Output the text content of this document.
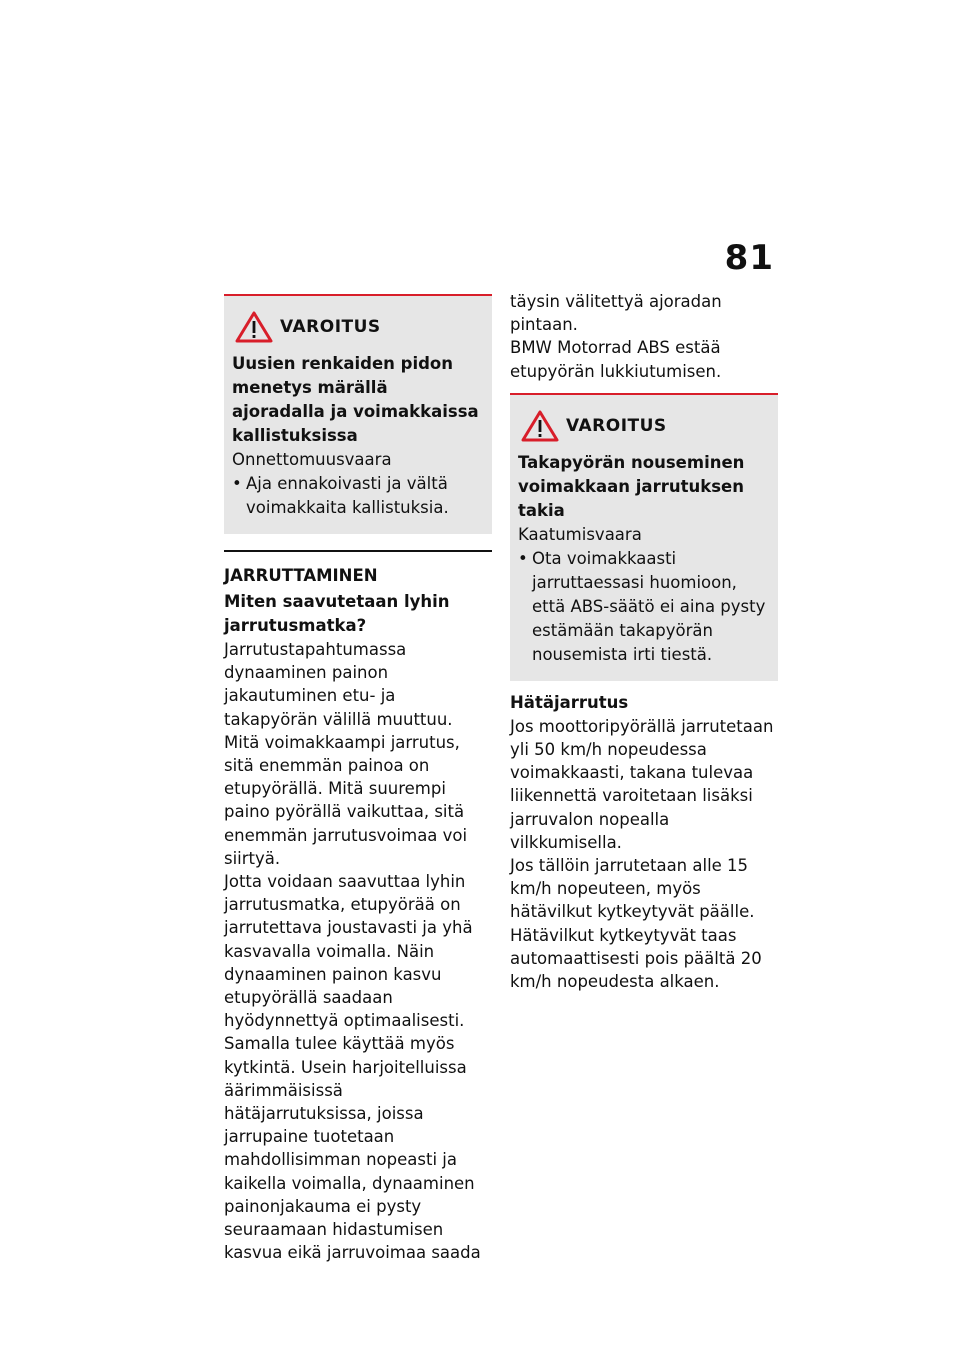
81
VAROITUS
Uusien renkaiden pidon menetys märällä ajoradalla ja voimakkaissa kallistuksissa
Onnettomuusvaara
• Aja ennakoivasti ja vältä voimakkaita kallistuksia.
JARRUTTAMINEN
Miten saavutetaan lyhin jarrutusmatka?
Jarrutustapahtumassa dynaaminen painon jakautuminen etu- ja takapyörän välillä muuttuu. Mitä voimakkaampi jarrutus, sitä enemmän painoa on etupyörällä. Mitä suurempi paino pyörällä vaikuttaa, sitä enemmän jarrutusvoimaa voi siirtyä.
Jotta voidaan saavuttaa lyhin jarrutusmatka, etupyörää on jarrutettava joustavasti ja yhä kasvavalla voimalla. Näin dynaaminen painon kasvu etupyörällä saadaan hyödynnettyä optimaalisesti. Samalla tulee käyttää myös kytkintä. Usein harjoitelluissa äärimmäisissä hätäjarrutuksissa, joissa jarrupaine tuotetaan mahdollisimman nopeasti ja kaikella voimalla, dynaaminen painonjakauma ei pysty seuraamaan hidastumisen kasvua eikä jarruvoimaa saada
täysin välitettyä ajoradan pintaan.
BMW Motorrad ABS estää etupyörän lukkiutumisen.
VAROITUS
Takapyörän nouseminen voimakkaan jarrutuksen takia
Kaatumisvaara
• Ota voimakkaasti jarruttaessasi huomioon, että ABS-säätö ei aina pysty estämään takapyörän nousemista irti tiestä.
Hätäjarrutus
Jos moottoripyörällä jarrutetaan yli 50 km/h nopeudessa voimakkaasti, takana tulevaa liikennettä varoitetaan lisäksi jarruvalon nopealla vilkkumisella.
Jos tällöin jarrutetaan alle 15 km/h nopeuteen, myös hätävilkut kytkeytyvät päälle. Hätävilkut kytkeytyvät taas automaattisesti pois päältä 20 km/h nopeudesta alkaen.
